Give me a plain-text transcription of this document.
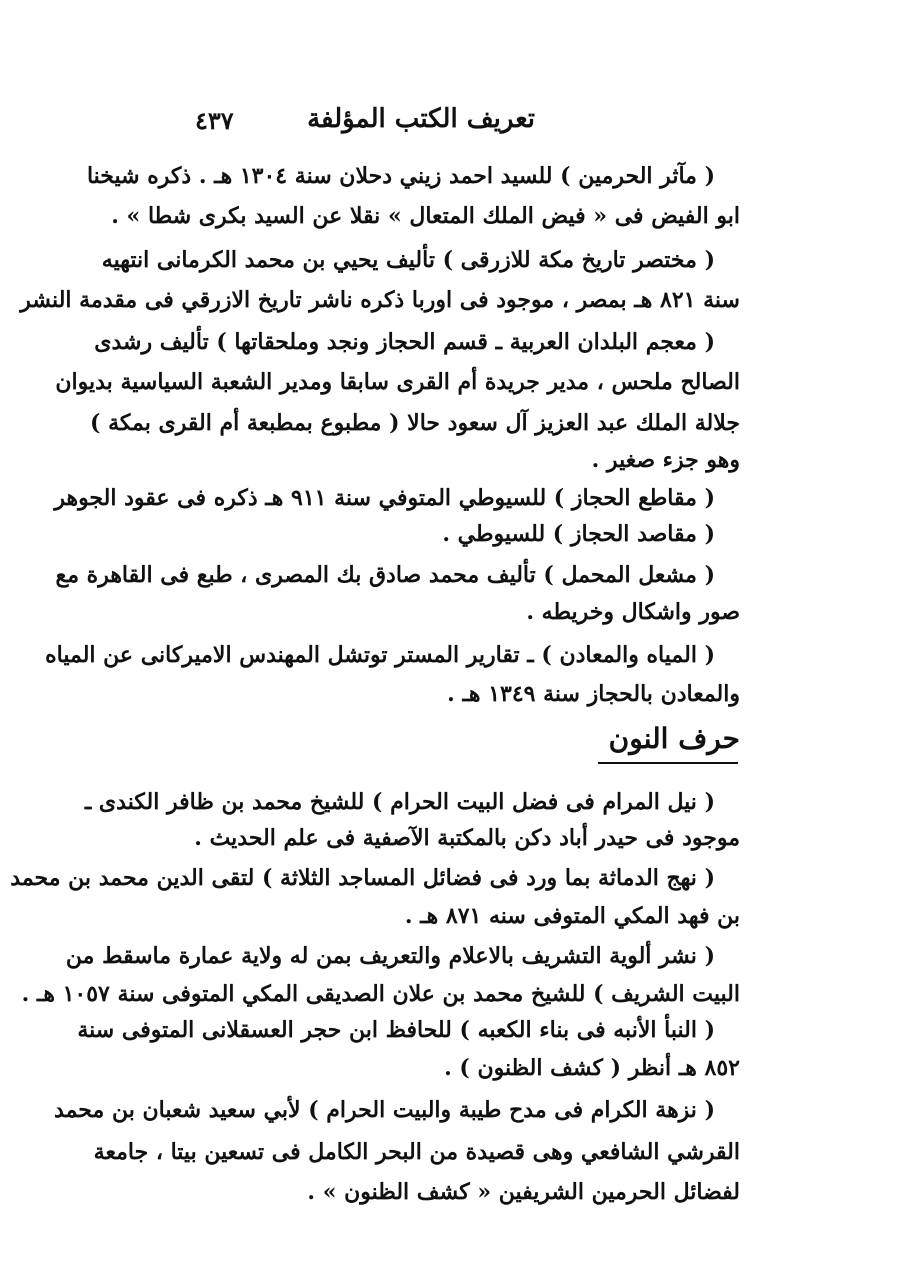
تعريف الكتب المؤلفة
٤٣٧
( مآثر الحرمين ) للسيد احمد زيني دحلان سنة ١٣٠٤ هـ . ذكره شيخنا
ابو الفيض فى « فيض الملك المتعال » نقلا عن السيد بكرى شطا » .
( مختصر تاريخ مكة للازرقى ) تأليف يحيي بن محمد الكرمانى انتهيه
سنة ٨٢١ هـ بمصر ، موجود فى اوربا ذكره ناشر تاريخ الازرقي فى مقدمة النشر
( معجم البلدان العربية ـ قسم الحجاز ونجد وملحقاتها ) تأليف رشدى
الصالح ملحس ، مدير جريدة أم القرى سابقا ومدير الشعبة السياسية بديوان
جلالة الملك عبد العزيز آل سعود حالا ( مطبوع بمطبعة أم القرى بمكة )
وهو جزء صغير .
( مقاطع الحجاز ) للسيوطي المتوفي سنة ٩١١ هـ ذكره فى عقود الجوهر
( مقاصد الحجاز ) للسيوطي .
( مشعل المحمل ) تأليف محمد صادق بك المصرى ، طبع فى القاهرة مع
صور واشكال وخريطه .
( المياه والمعادن ) ـ تقارير المستر توتشل المهندس الاميركانى عن المياه
والمعادن بالحجاز سنة ١٣٤٩ هـ .
حرف النون
( نيل المرام فى فضل البيت الحرام ) للشيخ محمد بن ظافر الكندى ـ
موجود فى حيدر أباد دكن بالمكتبة الآصفية فى علم الحديث .
( نهج الدماثة بما ورد فى فضائل المساجد الثلاثة ) لتقى الدين محمد بن محمد
بن فهد المكي المتوفى سنه ٨٧١ هـ .
( نشر ألوية التشريف بالاعلام والتعريف بمن له ولاية عمارة ماسقط من
البيت الشريف ) للشيخ محمد بن علان الصديقى المكي المتوفى سنة ١٠٥٧ هـ .
( النبأ الأنبه فى بناء الكعبه ) للحافظ ابن حجر العسقلانى المتوفى سنة
٨٥٢ هـ أنظر ( كشف الظنون ) .
( نزهة الكرام فى مدح طيبة والبيت الحرام ) لأبي سعيد شعبان بن محمد
القرشي الشافعي وهى قصيدة من البحر الكامل فى تسعين بيتا ، جامعة
لفضائل الحرمين الشريفين « كشف الظنون » .
